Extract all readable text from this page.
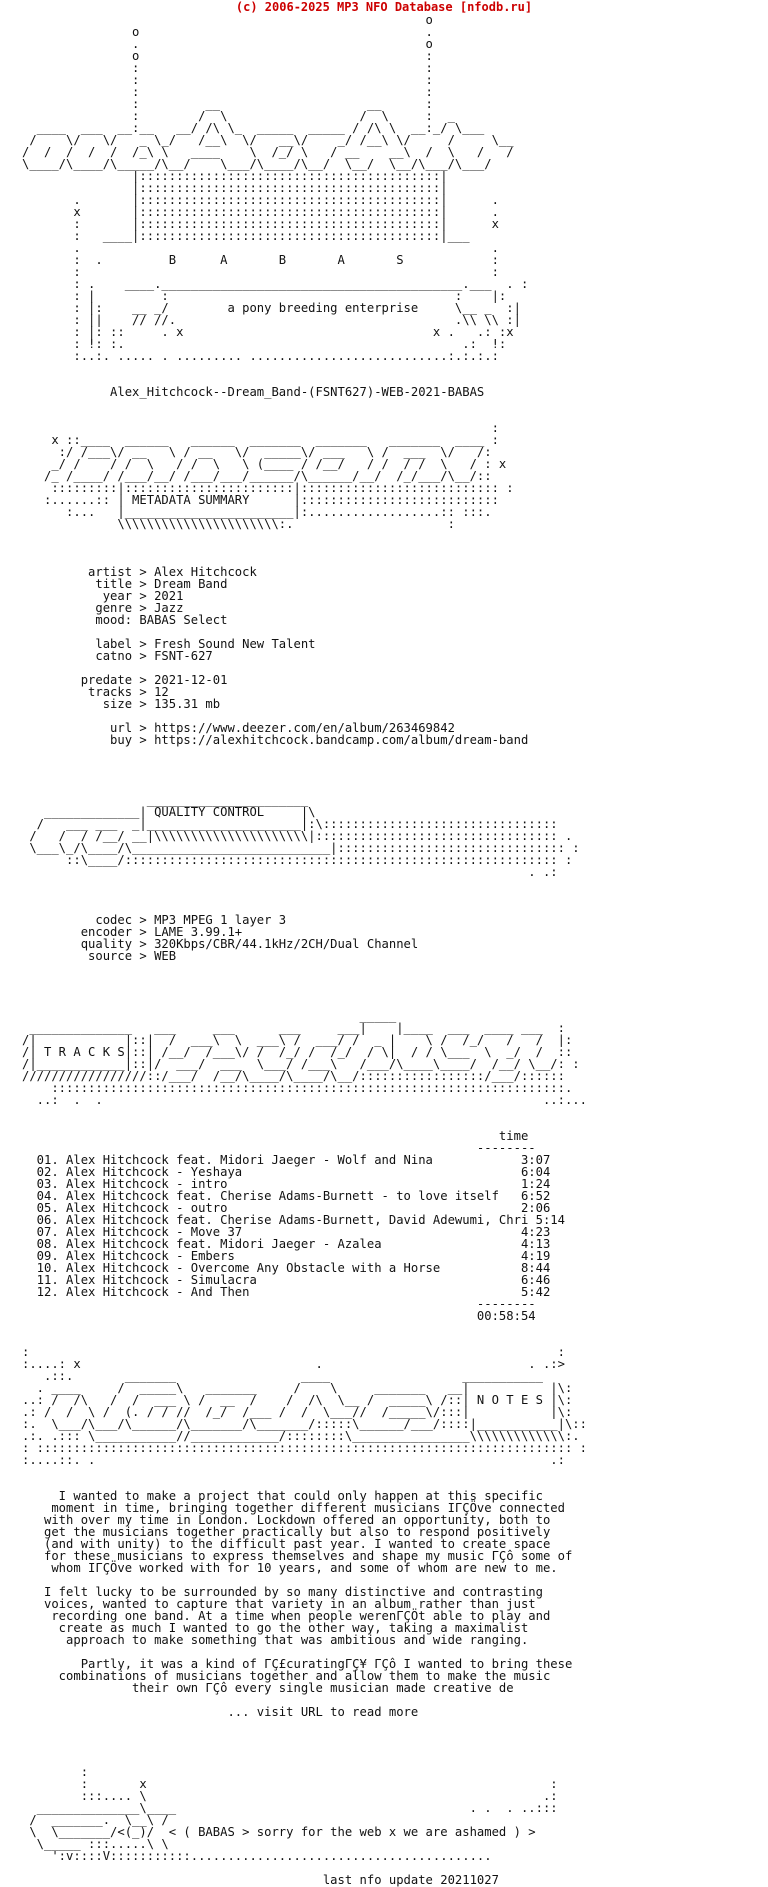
(c) 2006-2025 MP3 NFO Database [nfodb.ru]
o
o                                       .
.                                       o
o                                       :
:                                       :
:                                       :
:                                       :
:         __                    __      :
:        /  \                  /  \     :  _
____  ___  __:__   __/ /\ \_  _____  _____ / /\ \  __:_/ \___
/    \/   \/   _ \_/   /__\  \/   __\/    _/ /__\ \/     /     \__
/  /  /  /  /  /_\ \   ____    \  /_/ \   / __    __\  /  \   /   /
\____/\____/\_____/\__/    \___/\____/\__/  \__/  \__/\___/\___/
|:::::::::::::::::::::::::::::::::::::::::|
|:::::::::::::::::::::::::::::::::::::::::|
.       |:::::::::::::::::::::::::::::::::::::::::|      .
x       |:::::::::::::::::::::::::::::::::::::::::|      .
:       |:::::::::::::::::::::::::::::::::::::::::|      x
:   ____|:::::::::::::::::::::::::::::::::::::::::|___
.                                                        .
:  .         B      A       B       A       S            :
:                                                        :
: .    ____._________________________________________.___  . :
: |         :                                       :    |:
: |:    __ _/        a pony breeding enterprise     \__ _  :|
: ||    // //.                                      .\\ \\ :|
: |: ::     . x                                  x .   .: :x
: !: :.                                              .:  !:
:..:. ..... . ......... ...........................:.:.:.:

Alex_Hitchcock--Dream_Band-(FSNT627)-WEB-2021-BABAS

:
x ::____  ______   ______  _______  _______   _______  ____ :
:/ /___\/ __   \ / __   \/  _____\/ ___   \ /  ___  \/   /:
_/ /    / /  \   / /  \   \ (____ / /__/   / /  / /  \   / : x
/_ /____/ /___/__/ /___/___/______/\______/__/  /_/___/\__/::
:::::::::|:::::::::::::::::::::::|::::::::::::::::::::::::::: :
:......:: | METADATA SUMMARY      |:::::::::::::::::::::::::::
:...   |_______________________|:..................:: :::.
\\\\\\\\\\\\\\\\\\\\\\:.                     :

artist > Alex Hitchcock
title > Dream Band
year > 2021
genre > Jazz
mood: BABAS Select

label > Fresh Sound New Talent
catno > FSNT-627

predate > 2021-12-01
tracks > 12
size > 135.31 mb

url > https://www.deezer.com/en/album/263469842
buy > https://alexhitchcock.bandcamp.com/album/dream-band

______________________
_____________| QUALITY CONTROL     |\
/   ___ ___  _|_____________________|:\::::::::::::::::::::::::::::::::
/   /  / /__/ __|\\\\\\\\\\\\\\\\\\\\\|::::::::::::::::::::::::::::::::: .
\___\_/\____/\___________________________|::::::::::::::::::::::::::::::: :
::\____/::::::::::::::::::::::::::::::::::::::::::::::::::::::::::: :
. .:

codec > MP3 MPEG 1 layer 3
encoder > LAME 3.99.1+
quality > 320Kbps/CBR/44.1kHz/2CH/Dual Channel
source > WEB

_____
______________   ___     ___      ___     ___|    |____  ___  ____ ___  :
/|            |::|  /  ___\  \  ___\ /  ___/ /  _ |    \ /  /_/   /   /  |:
/| T R A C K S|::| /__/  /___\/ /  /_/ /  /_/  / \|  / / \___  \  _/  /  ::
/|____________|::|/  ___/  ___  \___/ /___\   /___/\____\____/  /__/ \__/: :
/////////////////::/___/  /__/\____/\____/\__/:::::::::::::::::/___/::::::
::::::::::::::::::::::::::::::::::::::::::::::::::::::::::::::::::::::.
..:  .  .                                                            ..:...

time
--------
01. Alex Hitchcock feat. Midori Jaeger - Wolf and Nina            3:07
02. Alex Hitchcock - Yeshaya                                      6:04
03. Alex Hitchcock - intro                                        1:24
04. Alex Hitchcock feat. Cherise Adams-Burnett - to love itself   6:52
05. Alex Hitchcock - outro                                        2:06
06. Alex Hitchcock feat. Cherise Adams-Burnett, David Adewumi, Chri 5:14
07. Alex Hitchcock - Move 37                                      4:23
08. Alex Hitchcock feat. Midori Jaeger - Azalea                   4:13
09. Alex Hitchcock - Embers                                       4:19
10. Alex Hitchcock - Overcome Any Obstacle with a Horse           8:44
11. Alex Hitchcock - Simulacra                                    6:46
12. Alex Hitchcock - And Then                                     5:42
--------
00:58:54

:                                                                        :
:....: x                                .                            . .:>
.::.       _______                 ____                  ___________
. ____     /  _____\   _______     /    \     _______   __|           |\:
..: /  /\   /  /  ___ \ /  __  /    /  /\  \__ /  _____\ /::| N O T E S |\:
.: /  /  \ /  (. / / //  /_/  /___ /  /  \___//  /_____\/:::|           |\:
:.  \___/\___/\______/\_______/\_______/:::::\______/___/::::|___________|\::
.:. .::: \___________//____________/::::::::\________________\\\\\\\\\\\\\:.
: ::::::::::::::::::::::::::::::::::::::::::::::::::::::::::::::::::::::::: :
:....::. .                                                              .:

I wanted to make a project that could only happen at this specific
moment in time, bringing together different musicians IΓÇÖve connected
with over my time in London. Lockdown offered an opportunity, both to
get the musicians together practically but also to respond positively
(and with unity) to the difficult past year. I wanted to create space
for these musicians to express themselves and shape my music ΓÇô some of
whom IΓÇÖve worked with for 10 years, and some of whom are new to me.

I felt lucky to be surrounded by so many distinctive and contrasting
voices, wanted to capture that variety in an album rather than just
recording one band. At a time when people werenΓÇÖt able to play and
create as much I wanted to go the other way, taking a maximalist
approach to make something that was ambitious and wide ranging.

Partly, it was a kind of ΓÇ£curatingΓÇ¥ ΓÇô I wanted to bring these
combinations of musicians together and allow them to make the music
their own ΓÇô every single musician made creative de

... visit URL to read more

:
:       x                                                       :
:::.... \                                                      .:
______________\____                                        . .  . ..:::
/  _______.  \__\ /
\  \_______/<(_)/  < ( BABAS > sorry for the web x we are ashamed ) >
\_____ :::.....\ \
':v::::V:::::::::::.........................................

last nfo update 20211027
